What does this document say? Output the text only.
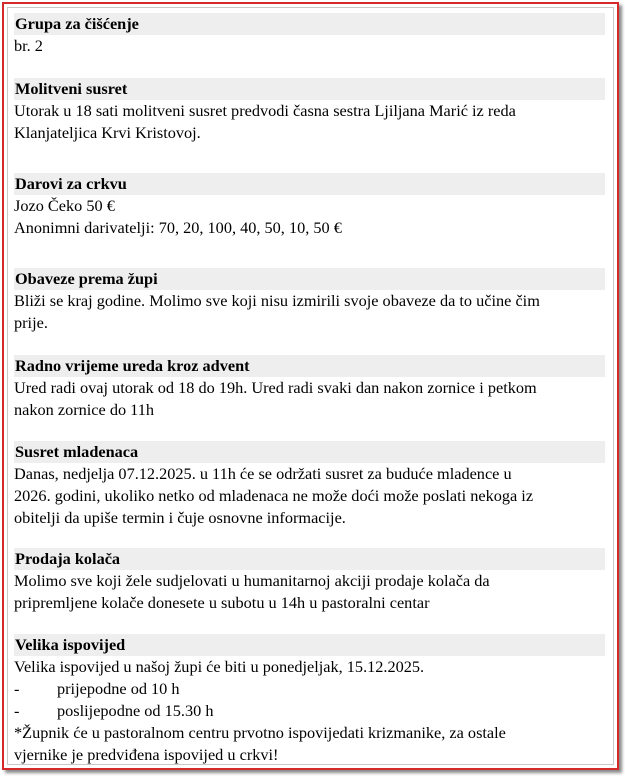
Grupa za čišćenje
br. 2
Molitveni susret
Utorak u 18 sati molitveni susret predvodi časna sestra Ljiljana Marić iz reda
Klanjateljica Krvi Kristovoj.
Darovi za crkvu
Jozo Čeko 50 €
Anonimni darivatelji: 70, 20, 100, 40, 50, 10, 50 €
Obaveze prema župi
Bliži se kraj godine. Molimo sve koji nisu izmirili svoje obaveze da to učine čim
prije.
Radno vrijeme ureda kroz advent
Ured radi ovaj utorak od 18 do 19h. Ured radi svaki dan nakon zornice i petkom
nakon zornice do 11h
Susret mladenaca
Danas, nedjelja 07.12.2025. u 11h će se održati susret za buduće mladence u
2026. godini, ukoliko netko od mladenaca ne može doći može poslati nekoga iz
obitelji da upiše termin i čuje osnovne informacije.
Prodaja kolača
Molimo sve koji žele sudjelovati u humanitarnoj akciji prodaje kolača da
pripremljene kolače donesete u subotu u 14h u pastoralni centar
Velika ispovijed
Velika ispovijed u našoj župi će biti u ponedjeljak, 15.12.2025.
- prijepodne od 10 h
- poslijepodne od 15.30 h
*Župnik će u pastoralnom centru prvotno ispovijedati krizmanike, za ostale
vjernike je predviđena ispovijed u crkvi!
